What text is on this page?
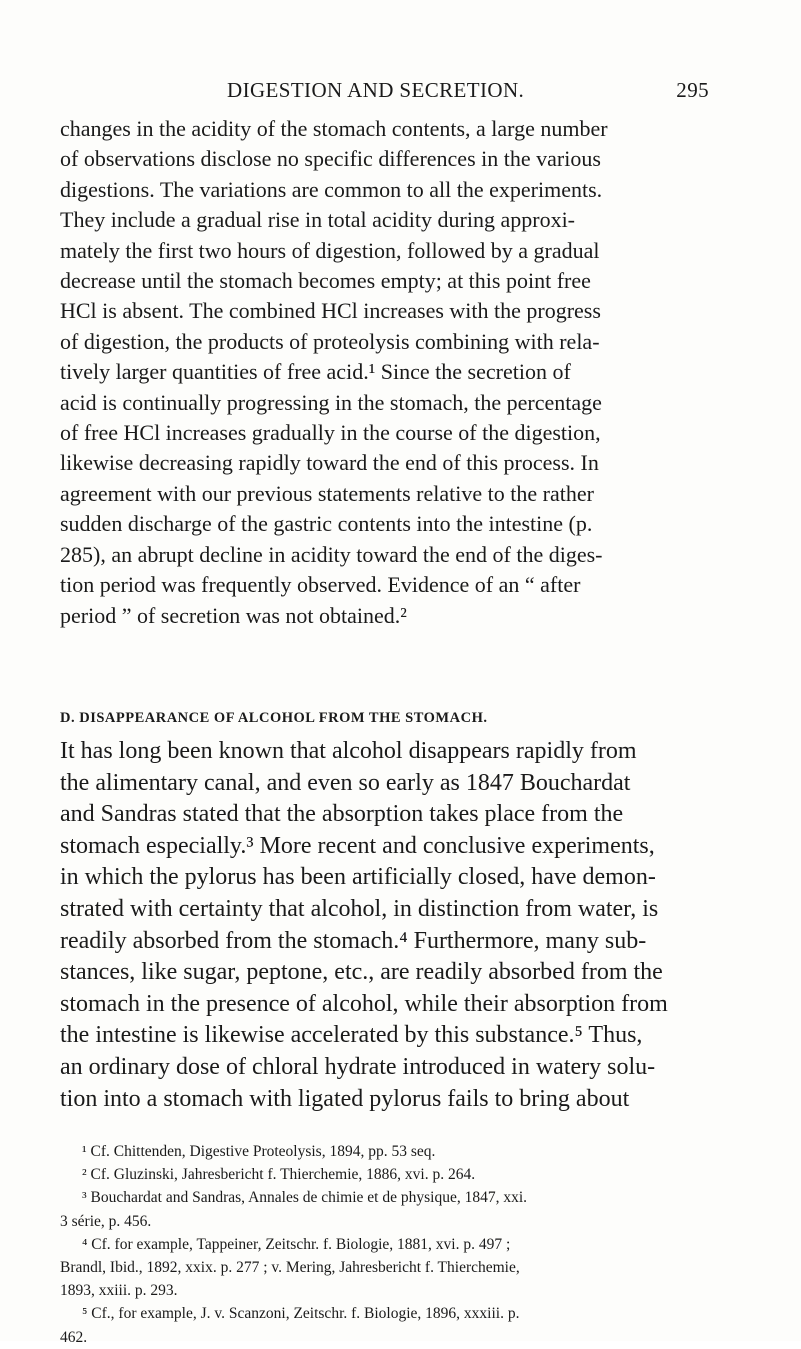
DIGESTION AND SECRETION.	295
changes in the acidity of the stomach contents, a large number
of observations disclose no specific differences in the various
digestions. The variations are common to all the experiments.
They include a gradual rise in total acidity during approxi-
mately the first two hours of digestion, followed by a gradual
decrease until the stomach becomes empty; at this point free
HCl is absent. The combined HCl increases with the progress
of digestion, the products of proteolysis combining with rela-
tively larger quantities of free acid.¹ Since the secretion of
acid is continually progressing in the stomach, the percentage
of free HCl increases gradually in the course of the digestion,
likewise decreasing rapidly toward the end of this process. In
agreement with our previous statements relative to the rather
sudden discharge of the gastric contents into the intestine (p.
285), an abrupt decline in acidity toward the end of the diges-
tion period was frequently observed. Evidence of an “ after
period ” of secretion was not obtained.²
D. DISAPPEARANCE OF ALCOHOL FROM THE STOMACH.
It has long been known that alcohol disappears rapidly from
the alimentary canal, and even so early as 1847 Bouchardat
and Sandras stated that the absorption takes place from the
stomach especially.³ More recent and conclusive experiments,
in which the pylorus has been artificially closed, have demon-
strated with certainty that alcohol, in distinction from water, is
readily absorbed from the stomach.⁴ Furthermore, many sub-
stances, like sugar, peptone, etc., are readily absorbed from the
stomach in the presence of alcohol, while their absorption from
the intestine is likewise accelerated by this substance.⁵ Thus,
an ordinary dose of chloral hydrate introduced in watery solu-
tion into a stomach with ligated pylorus fails to bring about
¹ Cf. Chittenden, Digestive Proteolysis, 1894, pp. 53 seq.
² Cf. Gluzinski, Jahresbericht f. Thierchemie, 1886, xvi. p. 264.
³ Bouchardat and Sandras, Annales de chimie et de physique, 1847, xxi.
3 série, p. 456.
⁴ Cf. for example, Tappeiner, Zeitschr. f. Biologie, 1881, xvi. p. 497 ;
Brandl, Ibid., 1892, xxix. p. 277 ; v. Mering, Jahresbericht f. Thierchemie,
1893, xxiii. p. 293.
⁵ Cf., for example, J. v. Scanzoni, Zeitschr. f. Biologie, 1896, xxxiii. p.
462.
